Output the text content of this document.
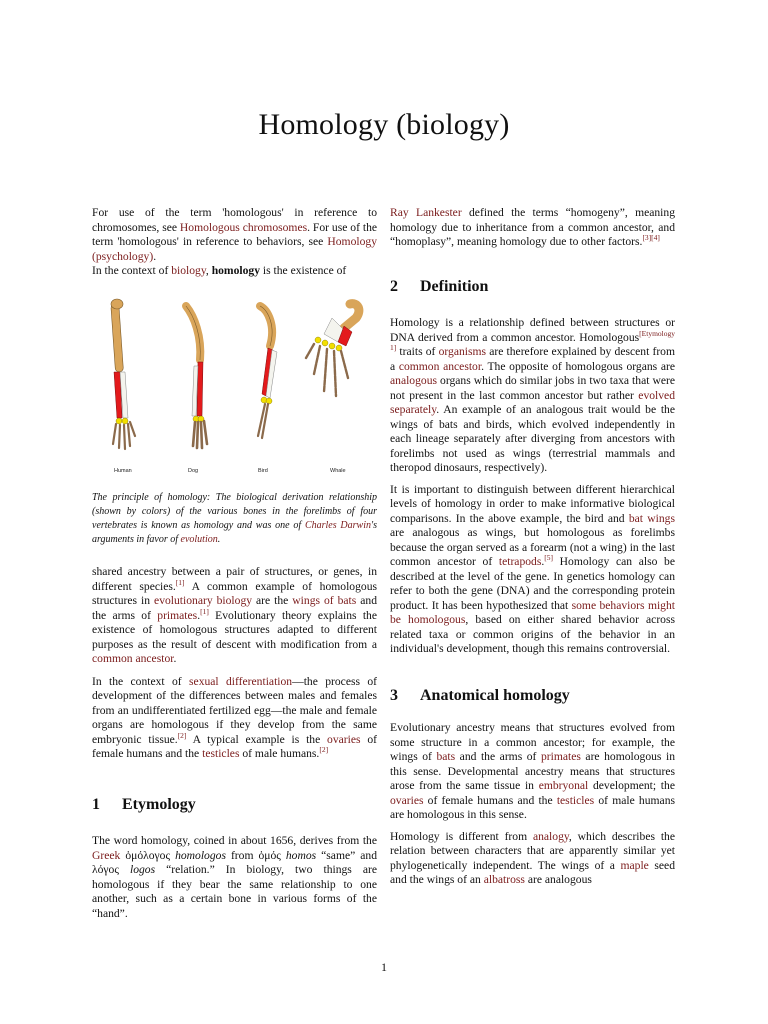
Homology (biology)

For use of the term 'homologous' in reference to chromosomes, see Homologous chromosomes. For use of the term 'homologous' in reference to behaviors, see Homology (psychology).

In the context of biology, homology is the existence of

Human	Dog	Bird	Whale

The principle of homology: The biological derivation relationship (shown by colors) of the various bones in the forelimbs of four vertebrates is known as homology and was one of Charles Darwin's arguments in favor of evolution.

shared ancestry between a pair of structures, or genes, in different species.[1] A common example of homologous structures in evolutionary biology are the wings of bats and the arms of primates.[1] Evolutionary theory explains the existence of homologous structures adapted to different purposes as the result of descent with modification from a common ancestor.

In the context of sexual differentiation—the process of development of the differences between males and females from an undifferentiated fertilized egg—the male and female organs are homologous if they develop from the same embryonic tissue.[2] A typical example is the ovaries of female humans and the testicles of male humans.[2]

1 Etymology

The word homology, coined in about 1656, derives from the Greek ὁμόλογος homologos from ὁμός homos “same” and λόγος logos “relation.” In biology, two things are homologous if they bear the same relationship to one another, such as a certain bone in various forms of the “hand”.

Ray Lankester defined the terms “homogeny”, meaning homology due to inheritance from a common ancestor, and “homoplasy”, meaning homology due to other factors.[3][4]

2 Definition

Homology is a relationship defined between structures or DNA derived from a common ancestor. Homologous[Etymology 1] traits of organisms are therefore explained by descent from a common ancestor. The opposite of homologous organs are analogous organs which do similar jobs in two taxa that were not present in the last common ancestor but rather evolved separately. An example of an analogous trait would be the wings of bats and birds, which evolved independently in each lineage separately after diverging from ancestors with forelimbs not used as wings (terrestrial mammals and theropod dinosaurs, respectively).

It is important to distinguish between different hierarchical levels of homology in order to make informative biological comparisons. In the above example, the bird and bat wings are analogous as wings, but homologous as forelimbs because the organ served as a forearm (not a wing) in the last common ancestor of tetrapods.[5] Homology can also be described at the level of the gene. In genetics homology can refer to both the gene (DNA) and the corresponding protein product. It has been hypothesized that some behaviors might be homologous, based on either shared behavior across related taxa or common origins of the behavior in an individual's development, though this remains controversial.

3 Anatomical homology

Evolutionary ancestry means that structures evolved from some structure in a common ancestor; for example, the wings of bats and the arms of primates are homologous in this sense. Developmental ancestry means that structures arose from the same tissue in embryonal development; the ovaries of female humans and the testicles of male humans are homologous in this sense.

Homology is different from analogy, which describes the relation between characters that are apparently similar yet phylogenetically independent. The wings of a maple seed and the wings of an albatross are analogous

1
